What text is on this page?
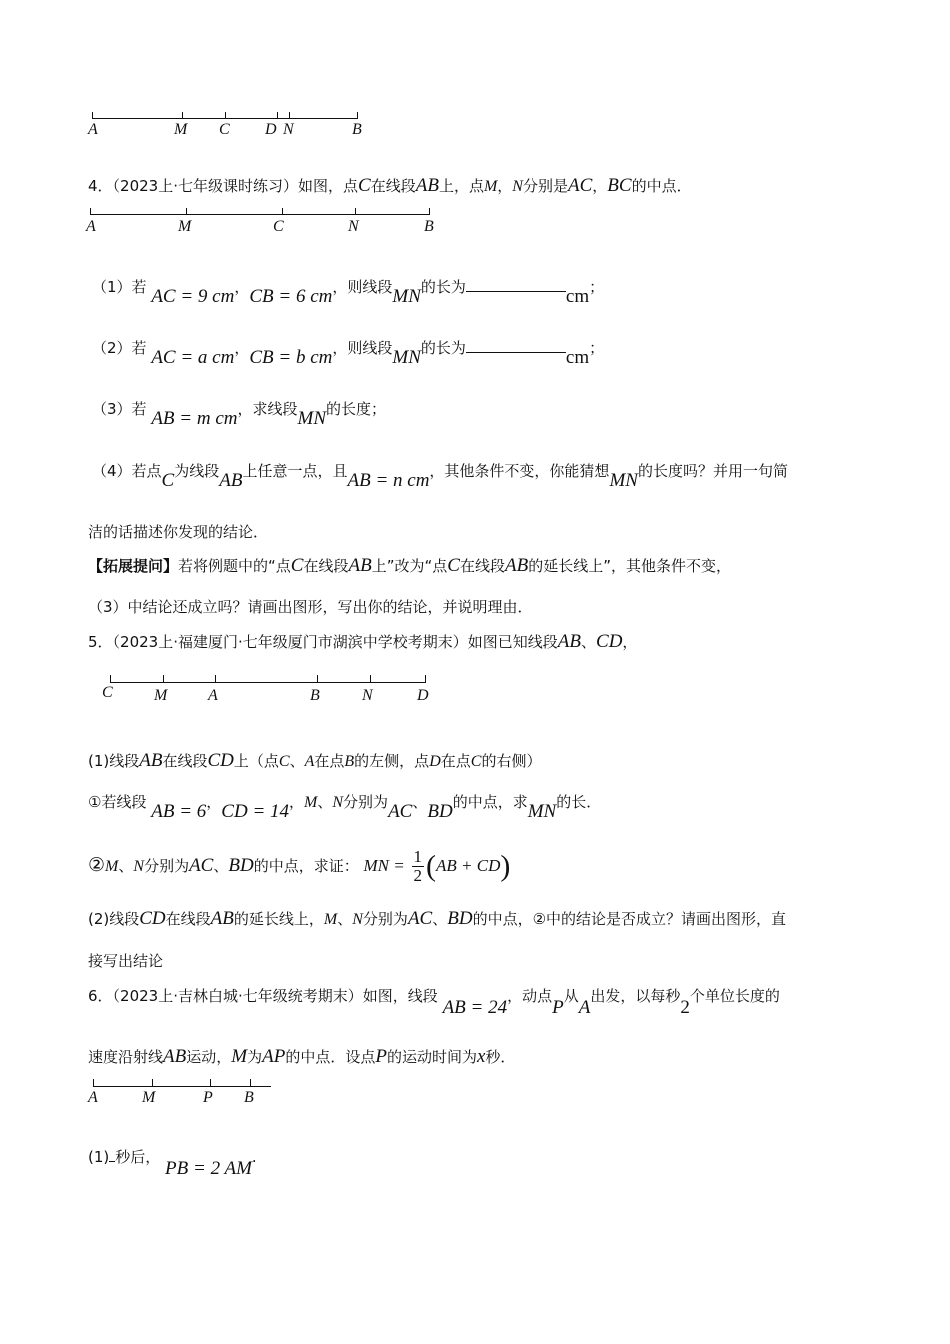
A	M C D N	B
4．（2023上·七年级课时练习）如图，点C在线段AB上，点M，N分别是AC，BC的中点．
A	M	C	N	B
（1）若 AC = 9 cm，CB = 6 cm，则线段MN的长为	cm；
（2）若 AC = a cm，CB = b cm，则线段MN的长为	cm；
（3）若 AB = m cm，求线段MN的长度；
（4）若点C为线段AB上任意一点，且AB = n cm，其他条件不变，你能猜想MN的长度吗？并用一句简
洁的话描述你发现的结论．
【拓展提问】若将例题中的“点C在线段AB上”改为“点C在线段AB的延长线上”，其他条件不变，
（3）中结论还成立吗？请画出图形，写出你的结论，并说明理由．
5．（2023上·福建厦门·七年级厦门市湖滨中学校考期末）如图已知线段AB、CD，
C	M	A	B	N	D
(1)线段AB在线段CD上（点C、A在点B的左侧，点D在点C的右侧）
①若线段 AB = 6，CD = 14，M、N分别为AC、BD的中点，求MN的长．
②M、N分别为AC、BD的中点，求证： MN = $\frac{1}{2} (AB + CD)$
(2)线段CD在线段AB的延长线上，M、N分别为AC、BD的中点，②中的结论是否成立？请画出图形，直
接写出结论
6．（2023上·吉林白城·七年级统考期末）如图，线段 AB = 24，动点P从A出发，以每秒2个单位长度的
速度沿射线AB运动，M为AP的中点．设点P的运动时间为x秒．
A	M	P B
(1) 秒后， PB = 2 AM.
